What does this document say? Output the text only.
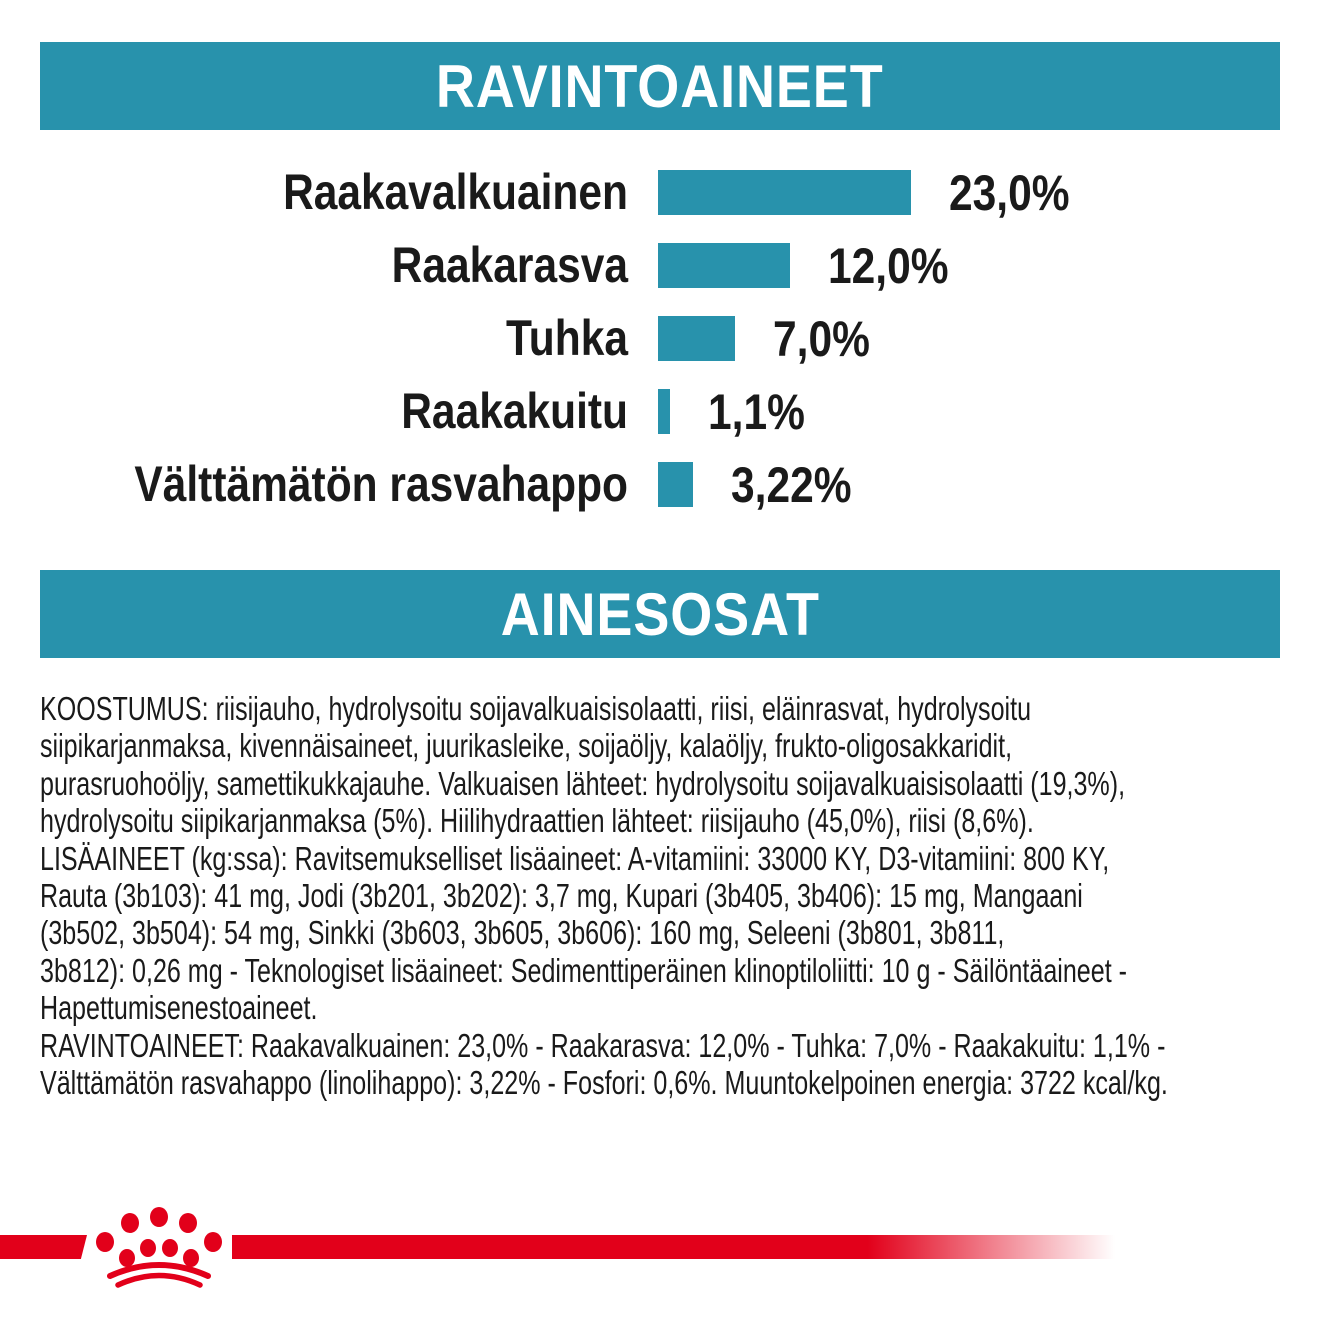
RAVINTOAINEET
Raakavalkuainen	23,0%
Raakarasva	12,0%
Tuhka	7,0%
Raakakuitu 1,1%
Välttämätön rasvahappo 3,22%
AINESOSAT
KOOSTUMUS: riisijauho, hydrolysoitu soijavalkuaisisolaatti, riisi, eläinrasvat, hydrolysoitu
siipikarjanmaksa, kivennäisaineet, juurikasleike, soijaöljy, kalaöljy, frukto-oligosakkaridit,
purasruohoöljy, samettikukkajauhe. Valkuaisen lähteet: hydrolysoitu soijavalkuaisisolaatti (19,3%),
hydrolysoitu siipikarjanmaksa (5%). Hiilihydraattien lähteet: riisijauho (45,0%), riisi (8,6%).
LISÄAINEET (kg:ssa): Ravitsemukselliset lisäaineet: A-vitamiini: 33000 KY, D3-vitamiini: 800 KY,
Rauta (3b103): 41 mg, Jodi (3b201, 3b202): 3,7 mg, Kupari (3b405, 3b406): 15 mg, Mangaani
(3b502, 3b504): 54 mg, Sinkki (3b603, 3b605, 3b606): 160 mg, Seleeni (3b801, 3b811,
3b812): 0,26 mg - Teknologiset lisäaineet: Sedimenttiperäinen klinoptiloliitti: 10 g - Säilöntäaineet -
Hapettumisenestoaineet.
RAVINTOAINEET: Raakavalkuainen: 23,0% - Raakarasva: 12,0% - Tuhka: 7,0% - Raakakuitu: 1,1% -
Välttämätön rasvahappo (linolihappo): 3,22% - Fosfori: 0,6%. Muuntokelpoinen energia: 3722 kcal/kg.
